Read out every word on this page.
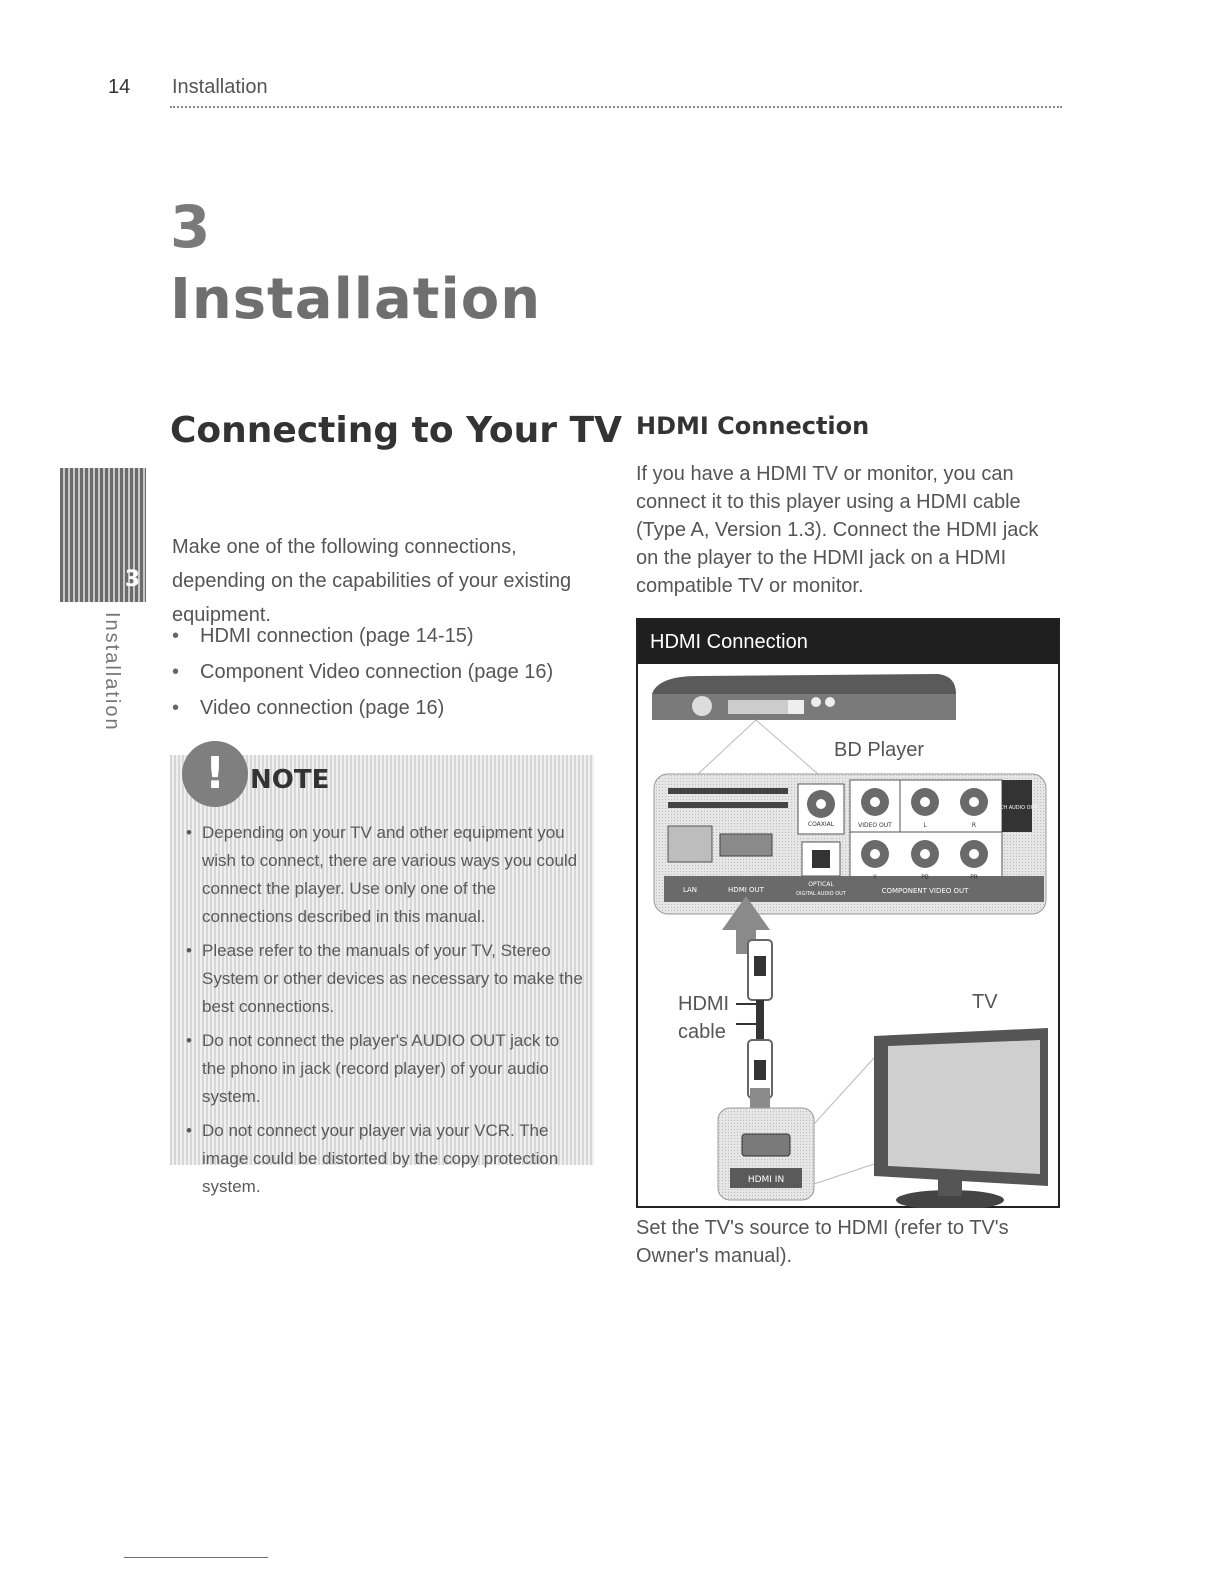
14 Installation
3
Installation
3
Installation
Connecting to Your TV
Make one of the following connections, depending on the capabilities of your existing equipment.
• HDMI connection (page 14-15)
• Component Video connection (page 16)
• Video connection (page 16)
! NOTE
• Depending on your TV and other equipment you wish to connect, there are various ways you could connect the player. Use only one of the connections described in this manual.
• Please refer to the manuals of your TV, Stereo System or other devices as necessary to make the best connections.
• Do not connect the player's AUDIO OUT jack to the phono in jack (record player) of your audio system.
• Do not connect your player via your VCR. The image could be distorted by the copy protection system.
HDMI Connection
If you have a HDMI TV or monitor, you can connect it to this player using a HDMI cable (Type A, Version 1.3). Connect the HDMI jack on the player to the HDMI jack on a HDMI compatible TV or monitor.
HDMI Connection
BD Player
COAXIAL	VIDEO OUT	L	R
2CH AUDIO OUT
Y	PB	PR
LAN	HDMI OUT
OPTICAL
DIGITAL AUDIO OUT	COMPONENT VIDEO OUT
HDMI
cable
HDMI IN
TV
Set the TV's source to HDMI (refer to TV's Owner's manual).
